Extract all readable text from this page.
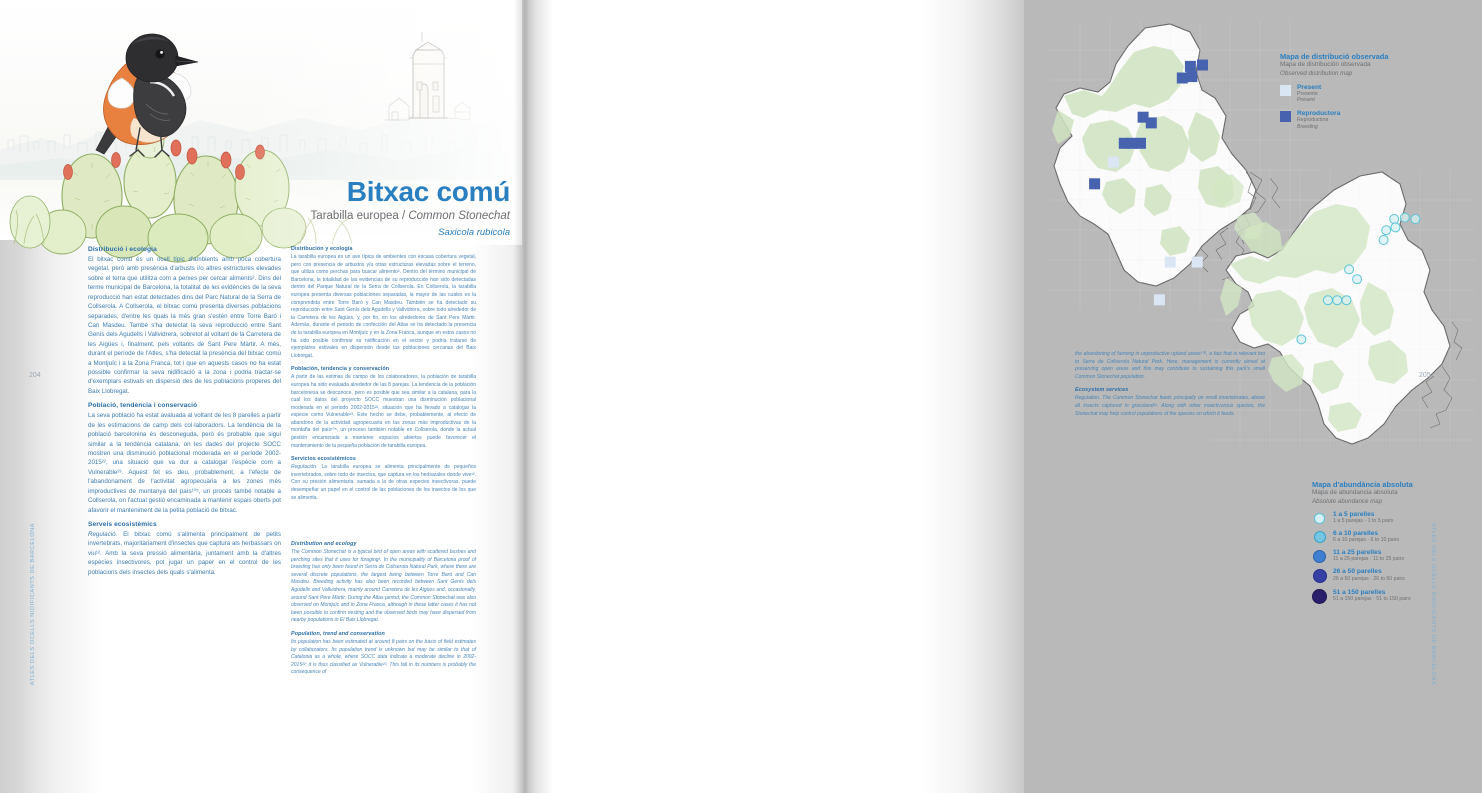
Bitxac comú
Tarabilla europea / Common Stonechat
Saxicola rubicola
Distribució i ecologia

El bitxac comú és un ocell típic d'ambients amb poca cobertura vegetal, però amb presència d'arbusts i/o altres estructures elevades sobre el terra que utilitza com a perxes per cercar aliments². Dins del terme municipal de Barcelona, la totalitat de les evidències de la seva reproducció han estat detectades dins del Parc Natural de la Serra de Collserola. A Collserola, el bitxac comú presenta diverses poblacions separades, d'entre les quals la més gran s'estén entre Torre Baró i Can Masdeu. També s'ha detectat la seva reproducció entre Sant Genís dels Agudells i Vallvidrera, sobretot al voltant de la Carretera de les Aigües i, finalment, pels voltants de Sant Pere Màrtir. A més, durant el període de l'Atles, s'ha detectat la presència del bitxac comú a Montjuïc i a la Zona Franca, tot i que en aquests casos no ha estat possible confirmar la seva nidificació a la zona i podria tractar-se d'exemplars estivals en dispersió des de les poblacions properes del Baix Llobregat.

Població, tendència i conservació

La seva població ha estat avaluada al voltant de les 8 parelles a partir de les estimacions de camp dels col·laboradors. La tendència de la població barcelonina és desconeguda, però és probable que sigui similar a la tendència catalana, on les dades del projecte SOCC mostren una disminució poblacional moderada en el període 2002-2015²², una situació que va dur a catalogar l'espècie com a Vulnerable²³. Aquest fet es deu, probablement, a l'efecte de l'abandonament de l'activitat agropecuària a les zones més improductives de muntanya del país¹⁰⁵, un procés també notable a Collserola, on l'actual gestió encaminada a mantenir espais oberts pot afavorir el manteniment de la petita població de bitxac.

Serveis ecosistèmics

Regulació. El bitxac comú s'alimenta principalment de petits invertebrats, majoritàriament d'insectes que captura als herbassars on viu¹². Amb la seva pressió alimentària, juntament amb la d'altres espècies insectívores, pot jugar un paper en el control de les poblacions dels insectes dels quals s'alimenta.

Distribución y ecología

La tarabilla europea es un ave típica de ambientes con escasa cobertura vegetal, pero con presencia de arbustos y/u otras estructuras elevadas sobre el terreno, que utiliza como perchas para buscar alimento². Dentro del término municipal de Barcelona, la totalidad de las evidencias de su reproducción han sido detectadas dentro del Parque Natural de la Serra de Collserola. En Collserola, la tarabilla europea presenta diversas poblaciones separadas, la mayor de las cuales es la comprendida entre Torre Baró y Can Masdeu. También se ha detectado su reproducción entre Sant Genís dels Agudells y Vallvidrera, sobre todo alrededor de la Carretera de les Aigües, y, por fin, en los alrededores de Sant Pere Màrtir. Además, durante el periodo de confección del Atlas se ha detectado la presencia de la tarabilla europea en Montjuïc y en la Zona Franca, aunque en estos casos no ha sido posible confirmar su nidificación en el sector y podría tratarse de ejemplares estivales en dispersión desde las poblaciones cercanas del Baix Llobregat.

Población, tendencia y conservación

A partir de las estimas de campo de los colaboradores, la población de tarabilla europea ha sido evaluada alrededor de las 8 parejas. La tendencia de la población barcelonesa se desconoce, pero es posible que sea similar a la catalana, para la cual los datos del proyecto SOCC muestran una disminución poblacional moderada en el periodo 2002-2015²², situación que ha llevado a catalogar la especie como Vulnerable²³. Este hecho se debe, probablemente, al efecto de abandono de la actividad agropecuaria en las zonas más improductivas de la montaña del país¹⁰⁵, un proceso también notable en Collserola, donde la actual gestión encaminada a mantener espacios abiertos puede favorecer el mantenimiento de la pequeña población de tarabilla europea.

Servicios ecosistémicos

Regulación. La tarabilla europea se alimenta principalmente de pequeños invertebrados, sobre todo de insectos, que captura en los herbazales donde vive¹². Con su presión alimentaria, sumada a la de otras especies insectívoras, puede desempeñar un papel en el control de las poblaciones de los insectos de los que se alimenta.

Distribution and ecology

The Common Stonechat is a typical bird of open areas with scattered bushes and perching sites that it uses for foraging². In the municipality of Barcelona proof of breeding has only been found in Serra de Collserola Natural Park, where there are several discrete populations, the largest being between Torre Baró and Can Masdeu. Breeding activity has also been recorded between Sant Genís dels Agudells and Vallvidrera, mainly around Carretera de les Aigües and, occasionally, around Sant Pere Màrtir. During the Atlas period, the Common Stonechat was also observed on Montjuïc and in Zona Franca, although in these latter cases it has not been possible to confirm nesting and the observed birds may have dispersed from nearby populations in El Baix Llobregat.

Population, trend and conservation

Its population has been estimated at around 8 pairs on the basis of field estimates by collaborators. Its population trend is unknown but may be similar to that of Catalonia as a whole, where SOCC data indicate a moderate decline in 2002-2015²²; it is thus classified as Vulnerable²³. This fall in its numbers is probably the consequence of

204
ATLES DELS OCELLS NIDIFICANTS DE BARCELONA
Mapa de distribució observada
Mapa de distribución observada
Observed distribution map
Present
Presente
Present
Reproductora
Reproductora
Breeding

the abandoning of farming in unproductive upland areas¹⁰⁵, a fact that is relevant too to Serra de Collserola Natural Park. Here, management is currently aimed at preserving open areas and this may contribute to sustaining this park's small Common Stonechat population.

Ecosystem services

Regulation. The Common Stonechat feeds principally on small invertebrates, above all insects captured in grassland¹². Along with other insectivorous species, the Stonechat may help control populations of the species on which it feeds.

Mapa d'abundància absoluta
Mapa de abundancia absoluta
Absolute abundance map
1 a 5 parelles
1 a 5 parejas · 1 to 5 pairs
6 a 10 parelles
6 a 10 parejas · 6 to 10 pairs
11 a 25 parelles
11 a 25 parejas · 11 to 25 pairs
26 a 50 parelles
26 a 50 parejas · 26 to 50 pairs
51 a 150 parelles
51 a 150 parejas · 51 to 150 pairs
205
ATLES DELS OCELLS NIDIFICANTS DE BARCELONA
